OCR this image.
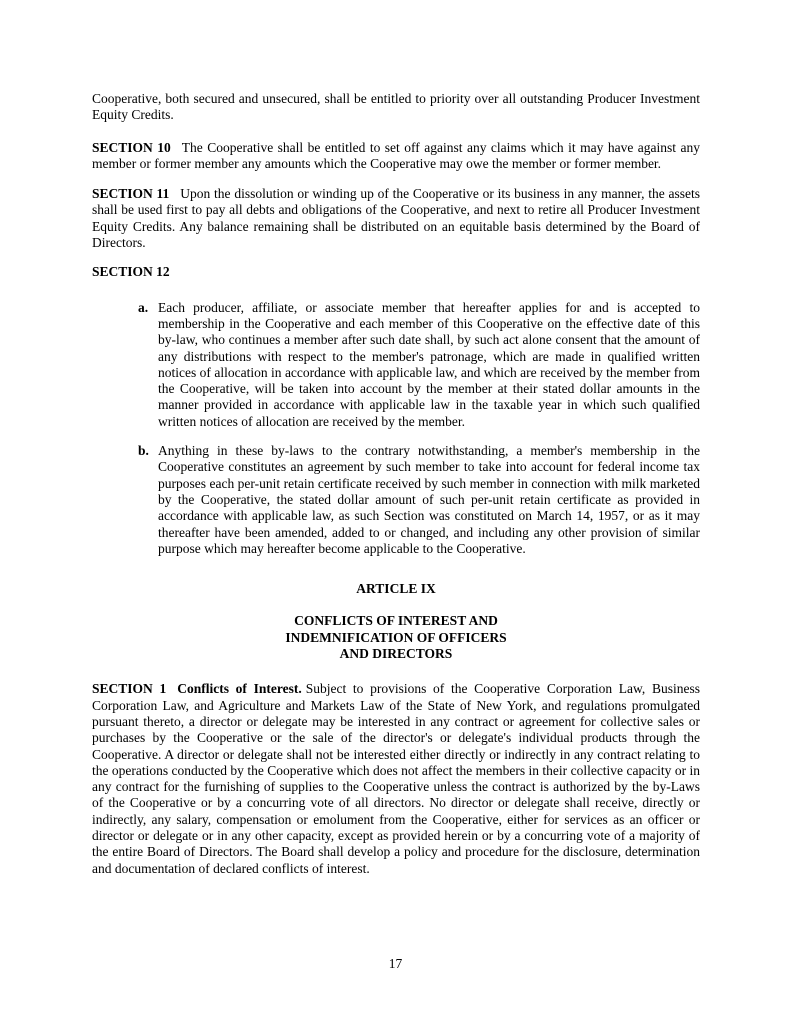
Cooperative, both secured and unsecured, shall be entitled to priority over all outstanding Producer Investment Equity Credits.

SECTION 10 The Cooperative shall be entitled to set off against any claims which it may have against any member or former member any amounts which the Cooperative may owe the member or former member.

SECTION 11 Upon the dissolution or winding up of the Cooperative or its business in any manner, the assets shall be used first to pay all debts and obligations of the Cooperative, and next to retire all Producer Investment Equity Credits. Any balance remaining shall be distributed on an equitable basis determined by the Board of Directors.

SECTION 12

a. Each producer, affiliate, or associate member that hereafter applies for and is accepted to membership in the Cooperative and each member of this Cooperative on the effective date of this by-law, who continues a member after such date shall, by such act alone consent that the amount of any distributions with respect to the member's patronage, which are made in qualified written notices of allocation in accordance with applicable law, and which are received by the member from the Cooperative, will be taken into account by the member at their stated dollar amounts in the manner provided in accordance with applicable law in the taxable year in which such qualified written notices of allocation are received by the member.
b. Anything in these by-laws to the contrary notwithstanding, a member's membership in the Cooperative constitutes an agreement by such member to take into account for federal income tax purposes each per-unit retain certificate received by such member in connection with milk marketed by the Cooperative, the stated dollar amount of such per-unit retain certificate as provided in accordance with applicable law, as such Section was constituted on March 14, 1957, or as it may thereafter have been amended, added to or changed, and including any other provision of similar purpose which may hereafter become applicable to the Cooperative.
ARTICLE IX
CONFLICTS OF INTEREST AND
INDEMNIFICATION OF OFFICERS
AND DIRECTORS

SECTION 1 Conflicts of Interest. Subject to provisions of the Cooperative Corporation Law, Business Corporation Law, and Agriculture and Markets Law of the State of New York, and regulations promulgated pursuant thereto, a director or delegate may be interested in any contract or agreement for collective sales or purchases by the Cooperative or the sale of the director's or delegate's individual products through the Cooperative. A director or delegate shall not be interested either directly or indirectly in any contract relating to the operations conducted by the Cooperative which does not affect the members in their collective capacity or in any contract for the furnishing of supplies to the Cooperative unless the contract is authorized by the by-Laws of the Cooperative or by a concurring vote of all directors. No director or delegate shall receive, directly or indirectly, any salary, compensation or emolument from the Cooperative, either for services as an officer or director or delegate or in any other capacity, except as provided herein or by a concurring vote of a majority of the entire Board of Directors. The Board shall develop a policy and procedure for the disclosure, determination and documentation of declared conflicts of interest.

17
